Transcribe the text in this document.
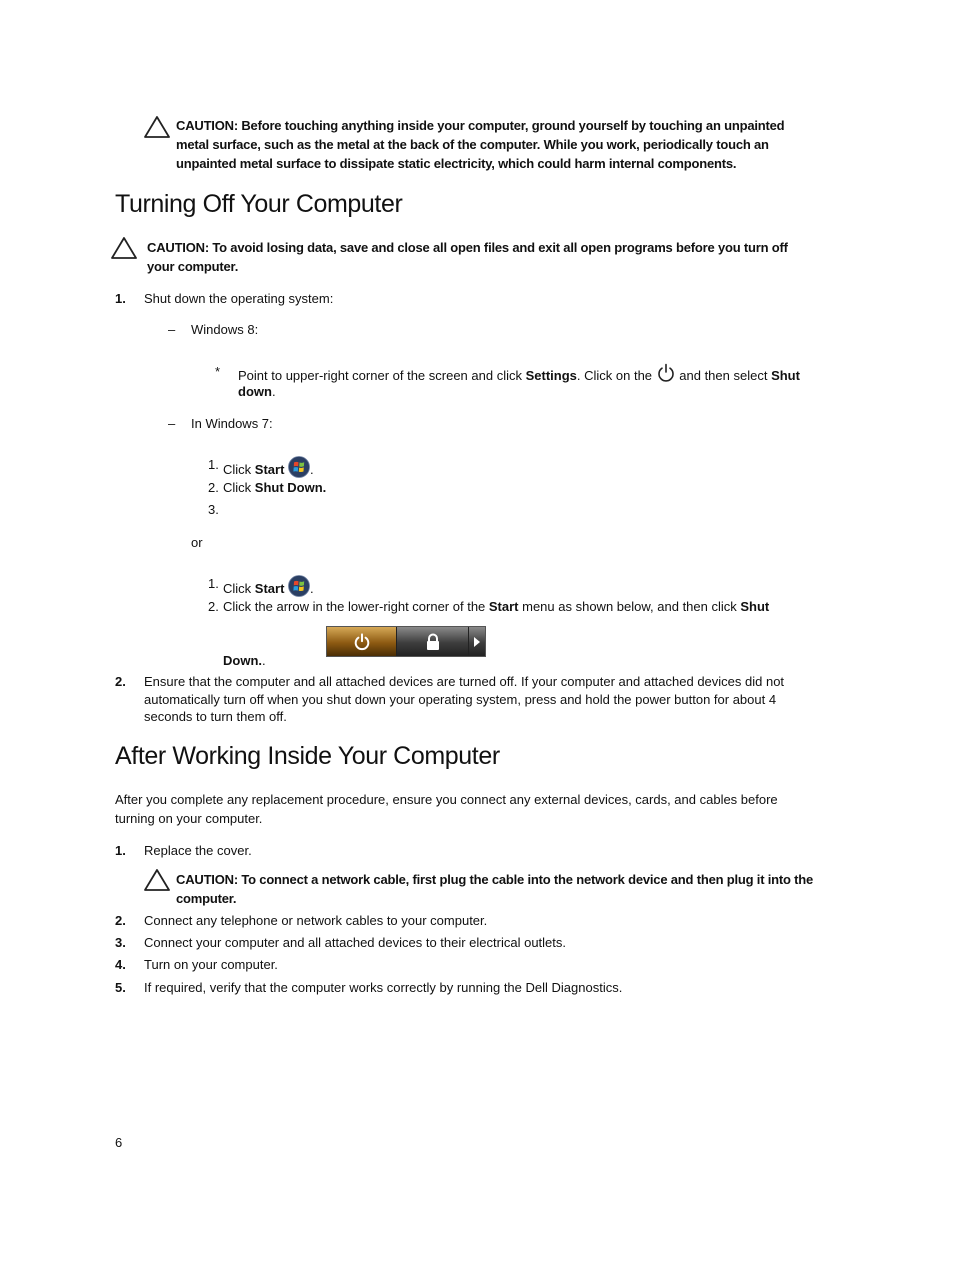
CAUTION: Before touching anything inside your computer, ground yourself by touching an unpainted metal surface, such as the metal at the back of the computer. While you work, periodically touch an unpainted metal surface to dissipate static electricity, which could harm internal components.
Turning Off Your Computer
CAUTION: To avoid losing data, save and close all open files and exit all open programs before you turn off your computer.
1. Shut down the operating system:
– Windows 8:
* Point to upper-right corner of the screen and click Settings. Click on the  and then select Shut
down.
– In Windows 7:
1. Click Start .
2. Click Shut Down.
3.
or
1. Click Start .
2. Click the arrow in the lower-right corner of the Start menu as shown below, and then click Shut
Down..
2. Ensure that the computer and all attached devices are turned off. If your computer and attached devices did not automatically turn off when you shut down your operating system, press and hold the power button for about 4 seconds to turn them off.
After Working Inside Your Computer
After you complete any replacement procedure, ensure you connect any external devices, cards, and cables before turning on your computer.
1. Replace the cover.
CAUTION: To connect a network cable, first plug the cable into the network device and then plug it into the computer.
2. Connect any telephone or network cables to your computer.
3. Connect your computer and all attached devices to their electrical outlets.
4. Turn on your computer.
5. If required, verify that the computer works correctly by running the Dell Diagnostics.
6
